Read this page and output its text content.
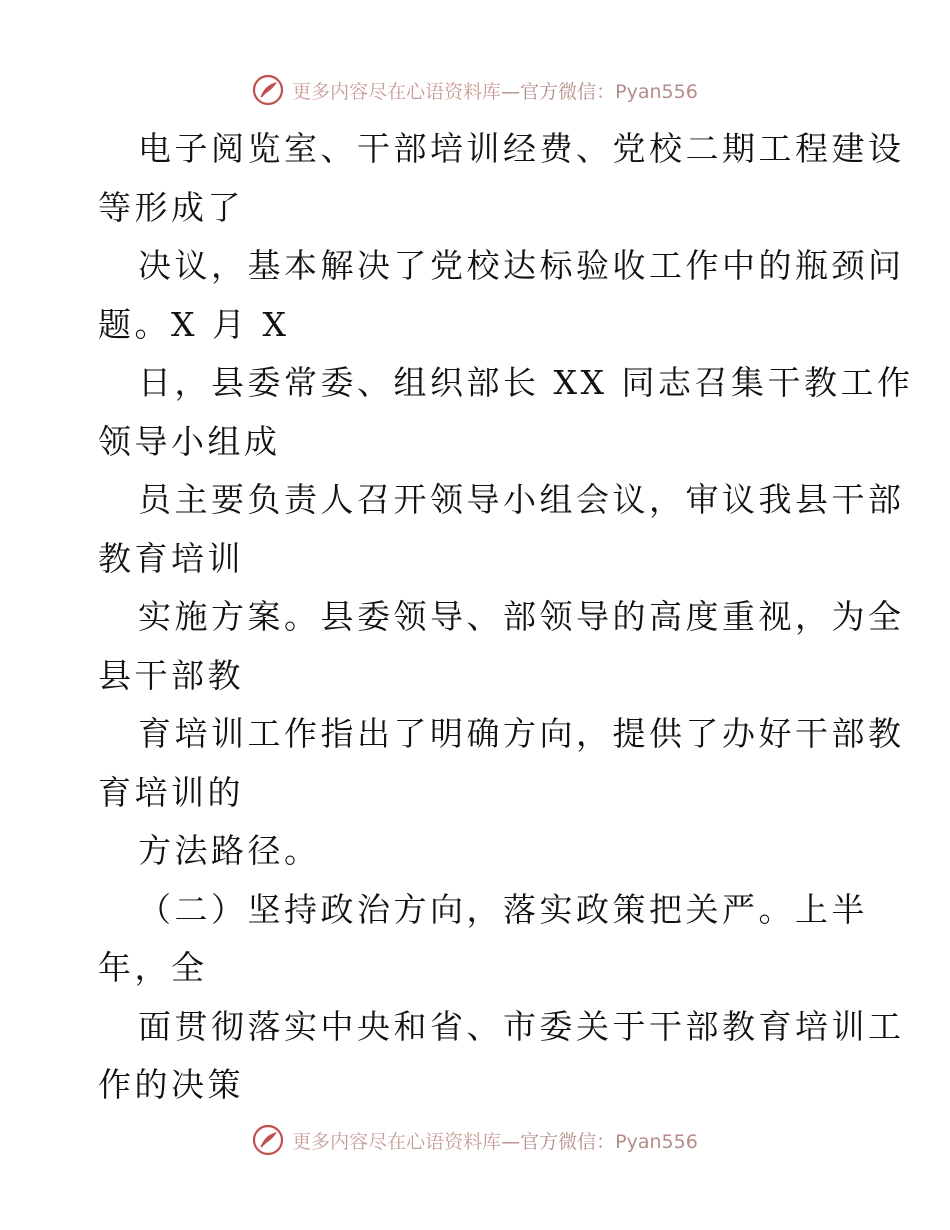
更多内容尽在心语资料库—官方微信：Pyan556

电子阅览室、干部培训经费、党校二期工程建设
等形成了

决议，基本解决了党校达标验收工作中的瓶颈问
题。X 月 X

日，县委常委、组织部长 XX 同志召集干教工作
领导小组成

员主要负责人召开领导小组会议，审议我县干部
教育培训

实施方案。县委领导、部领导的高度重视，为全
县干部教

育培训工作指出了明确方向，提供了办好干部教
育培训的

方法路径。

（二）坚持政治方向，落实政策把关严。上半
年，全

面贯彻落实中央和省、市委关于干部教育培训工
作的决策

更多内容尽在心语资料库—官方微信：Pyan556
